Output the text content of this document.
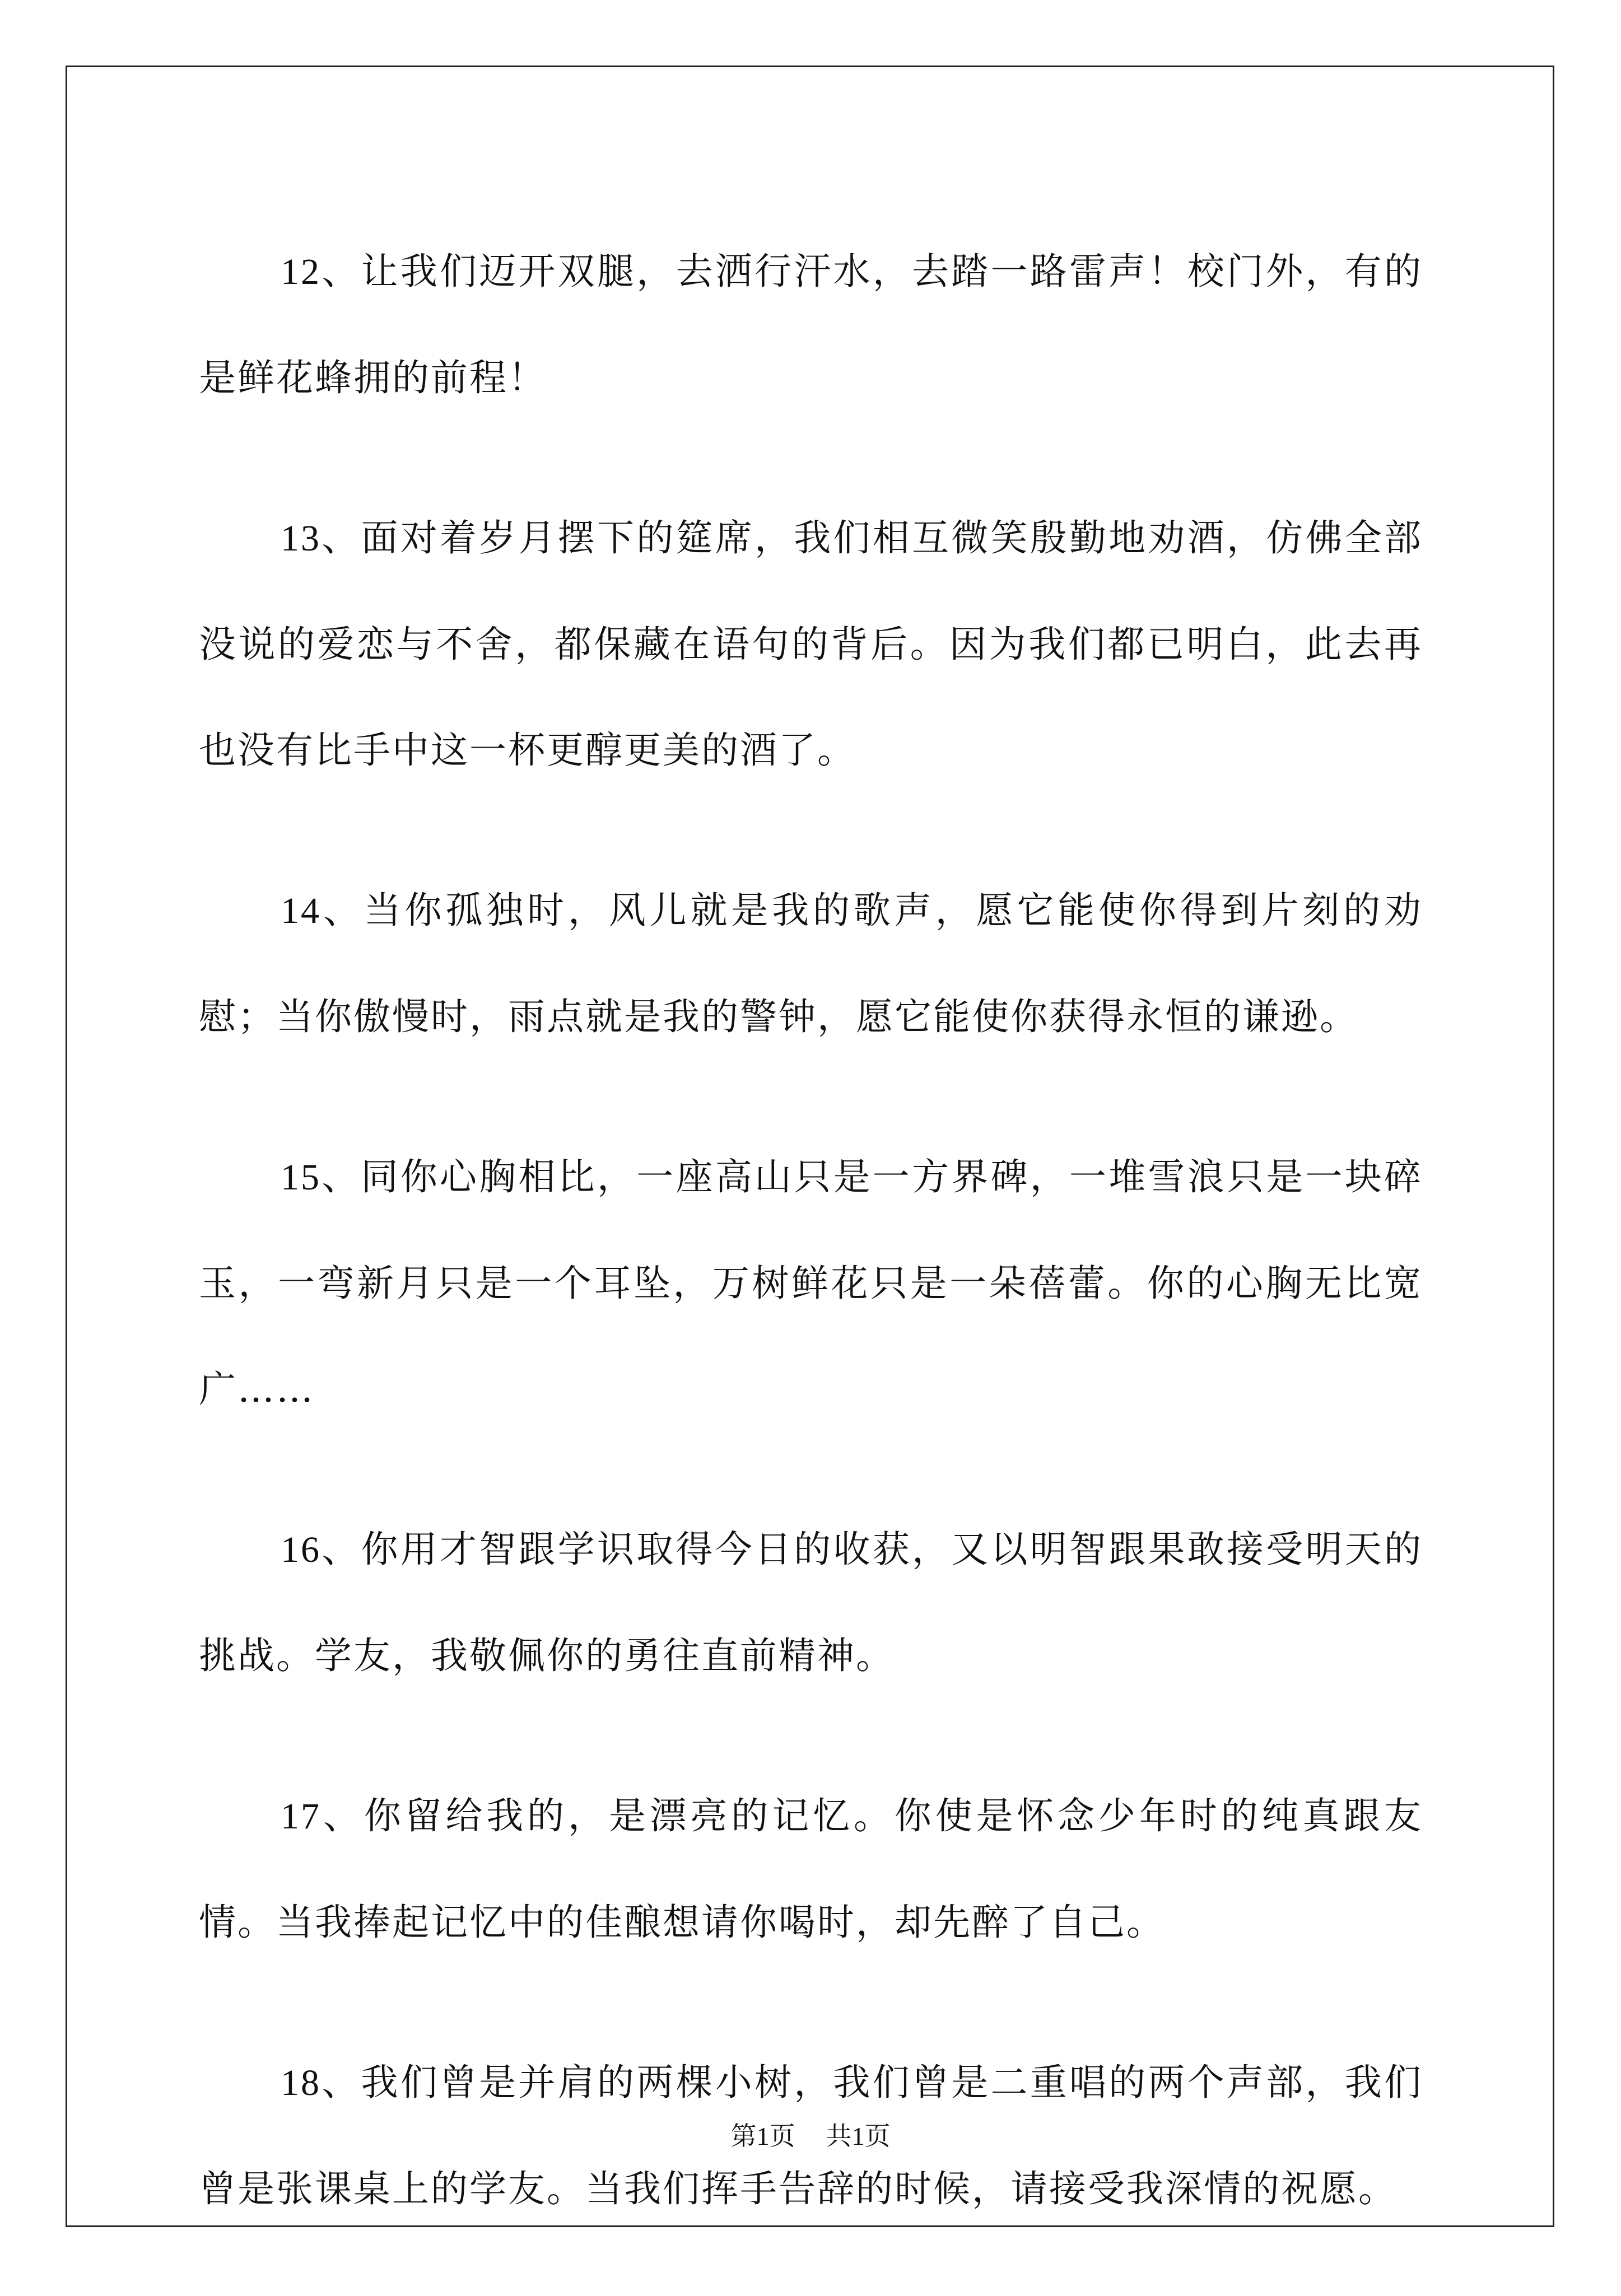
12、让我们迈开双腿，去洒行汗水，去踏一路雷声！校门外，有的是鲜花蜂拥的前程！

13、面对着岁月摆下的筵席，我们相互微笑殷勤地劝酒，仿佛全部没说的爱恋与不舍，都保藏在语句的背后。因为我们都已明白，此去再也没有比手中这一杯更醇更美的酒了。

14、当你孤独时，风儿就是我的歌声，愿它能使你得到片刻的劝慰；当你傲慢时，雨点就是我的警钟，愿它能使你获得永恒的谦逊。

15、同你心胸相比，一座高山只是一方界碑，一堆雪浪只是一块碎玉，一弯新月只是一个耳坠，万树鲜花只是一朵蓓蕾。你的心胸无比宽广……

16、你用才智跟学识取得今日的收获，又以明智跟果敢接受明天的挑战。学友，我敬佩你的勇往直前精神。

17、你留给我的，是漂亮的记忆。你使是怀念少年时的纯真跟友情。当我捧起记忆中的佳酿想请你喝时，却先醉了自己。

18、我们曾是并肩的两棵小树，我们曾是二重唱的两个声部，我们曾是张课桌上的学友。当我们挥手告辞的时候，请接受我深情的祝愿。

第1页 共1页
